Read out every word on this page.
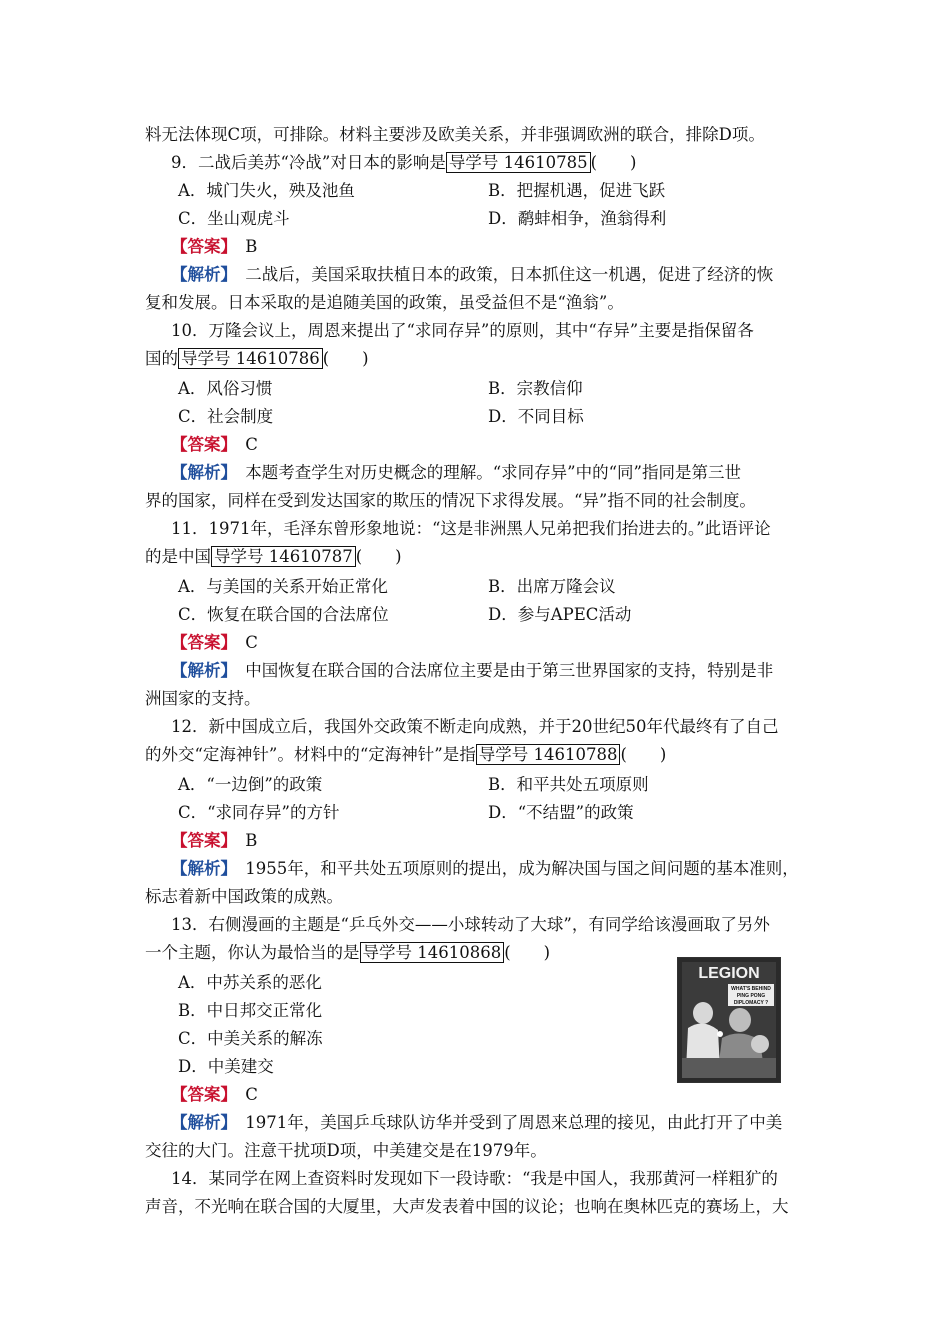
料无法体现C项，可排除。材料主要涉及欧美关系，并非强调欧洲的联合，排除D项。
9．二战后美苏“冷战”对日本的影响是 导学号 14610785 (　　)
A．城门失火，殃及池鱼	B．把握机遇，促进飞跃
C．坐山观虎斗	D．鹬蚌相争，渔翁得利
【答案】　B
【解析】　二战后，美国采取扶植日本的政策，日本抓住这一机遇，促进了经济的恢
复和发展。日本采取的是追随美国的政策，虽受益但不是“渔翁”。
10．万隆会议上，周恩来提出了“求同存异”的原则，其中“存异”主要是指保留各
国的 导学号 14610786 (　　)
A．风俗习惯	B．宗教信仰
C．社会制度	D．不同目标
【答案】　C
【解析】　本题考查学生对历史概念的理解。“求同存异”中的“同”指同是第三世
界的国家，同样在受到发达国家的欺压的情况下求得发展。“异”指不同的社会制度。
11．1971年，毛泽东曾形象地说：“这是非洲黑人兄弟把我们抬进去的。”此语评论
的是中国 导学号 14610787 (　　)
A．与美国的关系开始正常化	B．出席万隆会议
C．恢复在联合国的合法席位	D．参与APEC活动
【答案】　C
【解析】　中国恢复在联合国的合法席位主要是由于第三世界国家的支持，特别是非
洲国家的支持。
12．新中国成立后，我国外交政策不断走向成熟，并于20世纪50年代最终有了自己
的外交“定海神针”。材料中的“定海神针”是指 导学号 14610788 (　　)
A．“一边倒”的政策	B．和平共处五项原则
C．“求同存异”的方针	D．“不结盟”的政策
【答案】　B
【解析】　1955年，和平共处五项原则的提出，成为解决国与国之间问题的基本准则，
标志着新中国政策的成熟。
13．右侧漫画的主题是“乒乓外交——小球转动了大球”，有同学给该漫画取了另外
一个主题，你认为最恰当的是 导学号 14610868 (　　)
A．中苏关系的恶化
B．中日邦交正常化
C．中美关系的解冻
D．中美建交
【答案】　C
【解析】　1971年，美国乒乓球队访华并受到了周恩来总理的接见，由此打开了中美
交往的大门。注意干扰项D项，中美建交是在1979年。
14．某同学在网上查资料时发现如下一段诗歌：“我是中国人，我那黄河一样粗犷的
声音，不光响在联合国的大厦里，大声发表着中国的议论；也响在奥林匹克的赛场上，大
LEGION
WHAT'S BEHIND
PING PONG
DIPLOMACY ?
